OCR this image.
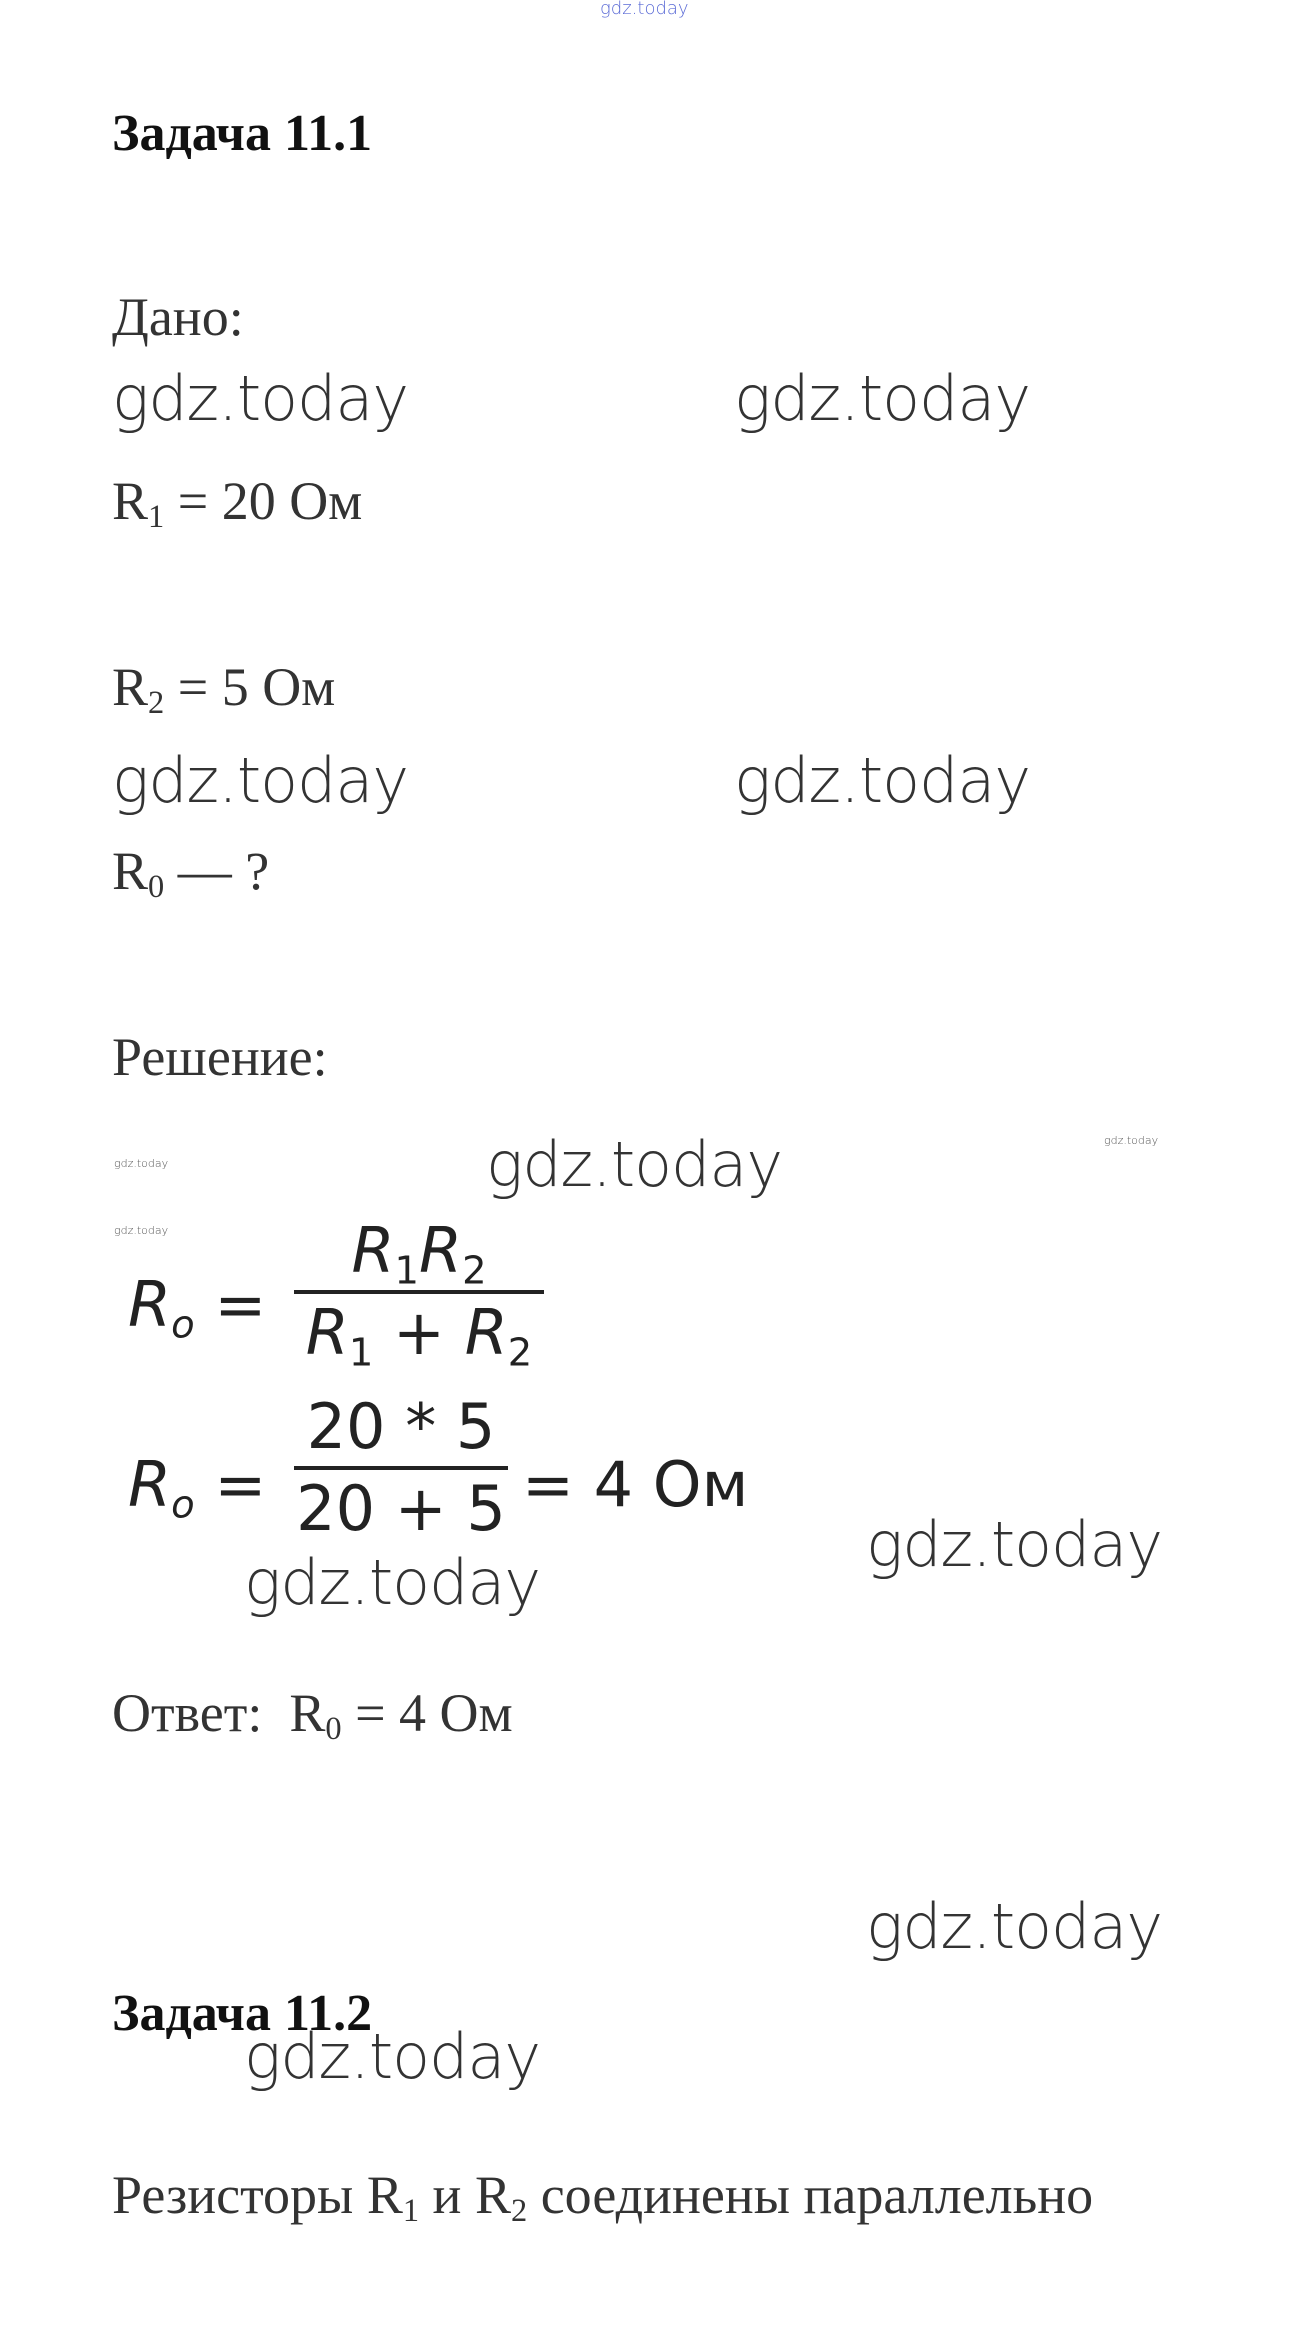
gdz.today
Задача 11.1
Дано:
gdz.today	gdz.today
$R_1 = 20$ Ом
$R_2 = 5$ Ом
gdz.today	gdz.today
$R_0$ — ?
Решение:
gdz.today	gdz.today	gdz.today
gdz.today
$R_o$ =
$R_1R_2$
$R_1 + R_2$
$R_o$ =
20 * 5
20 + 5 = 4 Ом
gdz.today
gdz.today
Ответ: $R_0 = 4$ Ом
gdz.today
Задача 11.2
gdz.today
Резисторы $R_1$ и $R_2$ соединены параллельно
